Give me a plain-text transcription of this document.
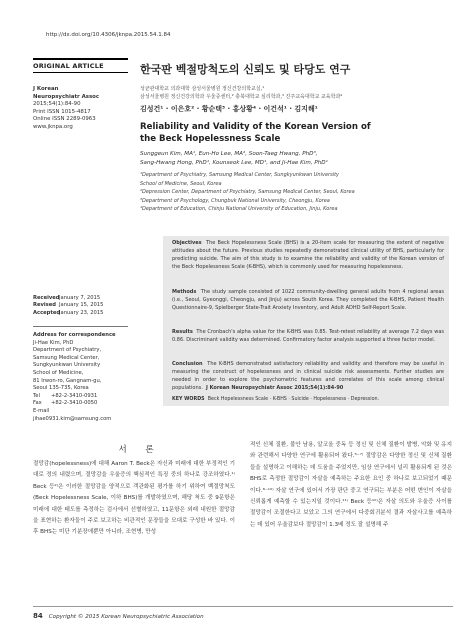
http://dx.doi.org/10.4306/jknpa.2015.54.1.84
ORIGINAL ARTICLE
J Korean
Neuropsychiatr Assoc
2015;54(1):84-90
Print ISSN 1015-4817
Online ISSN 2289-0963
www.jknpa.org
ReceivedJanuary 7, 2015
Revised January 15, 2015
AcceptedJanuary 23, 2015
Address for correspondence
Ji-Hae Kim, PhD
Department of Psychiatry,
Samsung Medical Center,
Sungkyunkwan University
School of Medicine,
81 Irwon-ro, Gangnam-gu,
Seoul 135-735, Korea
Tel +82-2-3410-0931
Fax +82-2-3410-0050
E-mailjihae0931.kim@samsung.com
한국판 벡절망척도의 신뢰도 및 타당도 연구
성균관대학교 의과대학 삼성서울병원 정신건강의학교실,¹
삼성서울병원 정신건강의학과 우울증센터,² 충북대학교 심리학과,³ 진주교육대학교 교육학과⁴
김성건¹ · 이은호² · 황순택³ · 홍상황⁴ · 이건석¹ · 김지해¹
Reliability and Validity of the Korean Version of the Beck Hopelessness Scale
Sunggeun Kim, MA¹, Eun-Ho Lee, MA², Soon-Taeg Hwang, PhD³,
Sang-Hwang Hong, PhD⁴, Kounseok Lee, MD¹, and Ji-Hae Kim, PhD¹
¹Department of Psychiatry, Samsung Medical Center, Sungkyunkwan University
School of Medicine, Seoul, Korea
²Depression Center, Department of Psychiatry, Samsung Medical Center, Seoul, Korea
³Department of Psychology, Chungbuk National University, Cheongju, Korea
⁴Department of Education, Chinju National University of Education, Jinju, Korea
Objectives The Beck Hopelessness Scale (BHS) is a 20-item scale for measuring the extent of negative attitudes about the future. Previous studies repeatedly demonstrated clinical utility of BHS, particularly for predicting suicide. The aim of this study is to examine the reliability and validity of the Korean version of the Beck Hopelessness Scale (K-BHS), which is commonly used for measuring hopelessness.
Methods The study sample consisted of 1022 community-dwelling general adults from 4 regional areas (i.e., Seoul, Gyeonggi, Cheongju, and Jinju) across South Korea. They completed the K-BHS, Patient Health Questionnaire-9, Spielberger State-Trait Anxiety Inventory, and Adult ADHD Self-Report Scale.
Results The Cronbach's alpha value for the K-BHS was 0.85. Test-retest reliability at average 7.2 days was 0.86. Discriminant validity was determined. Confirmatory factor analysis supported a three factor model.
Conclusion The K-BHS demonstrated satisfactory reliability and validity and therefore may be useful in measuring the construct of hopelessness and in clinical suicide risk assessments. Further studies are needed in order to explore the psychometric features and correlates of this scale among clinical populations. J Korean Neuropsychiatr Assoc 2015;54(1):84-90
KEY WORDS Beck Hopelessness Scale · K-BHS · Suicide · Hopelessness · Depression.
서 론
절망감(hopelessness)에 대해 Aaron T. Beck은 자신과 미래에 대한 부정적인 기대로 정의 내렸으며, 절망감을 우울증의 핵심적인 특징 중의 하나로 강조하였다.¹⁾ Beck 등²⁾은 이러한 절망감을 양적으로 객관화된 평가를 하기 위하여 벡절망척도(Beck Hopelessness Scale, 이하 BHS)를 개발하였으며, 해당 척도 중 9문항은 미래에 대한 태도를 측정하는 검사에서 선별하였고, 11문항은 외래 내원한 절망감을 표현하는 환자들이 주로 보고하는 비관적인 문장들을 모대로 구성한 바 있다. 이후 BHS는 미단 기분장애뿐만 아니라, 조현병, 만성
적인 신체 질환, 불안 남용, 알코올 중독 등 정신 및 신체 질환이 발병, 악화 및 유지와 관련해서 다양한 연구에 활용되어 왔다.³⁻⁷⁾ 절망감은 다양한 정신 및 신체 질환들을 설명하고 이해하는 데 도움을 주었지만, 임상 연구에서 널리 활용되게 된 것은 BHS로 측정한 절망감이 자살을 예측하는 주요한 요인 중 하나로 보고되었기 때문이다.⁸⁻¹⁰⁾ 자살 연구에 있어서 가장 판단 중고 연구되는 부분은 어떤 변인이 자살을 신뢰롭게 예측할 수 있는지일 것이다.¹¹⁾ Beck 등¹⁰⁾은 자살 의도와 우울증 사이를 절망감이 조절한다고 보았고 그의 연구에서 다중회귀분석 결과 자살사고를 예측하는 데 있어 우울감보다 절망감이 1.3배 정도 잘 설명해 주
84 Copyright © 2015 Korean Neuropsychiatric Association
